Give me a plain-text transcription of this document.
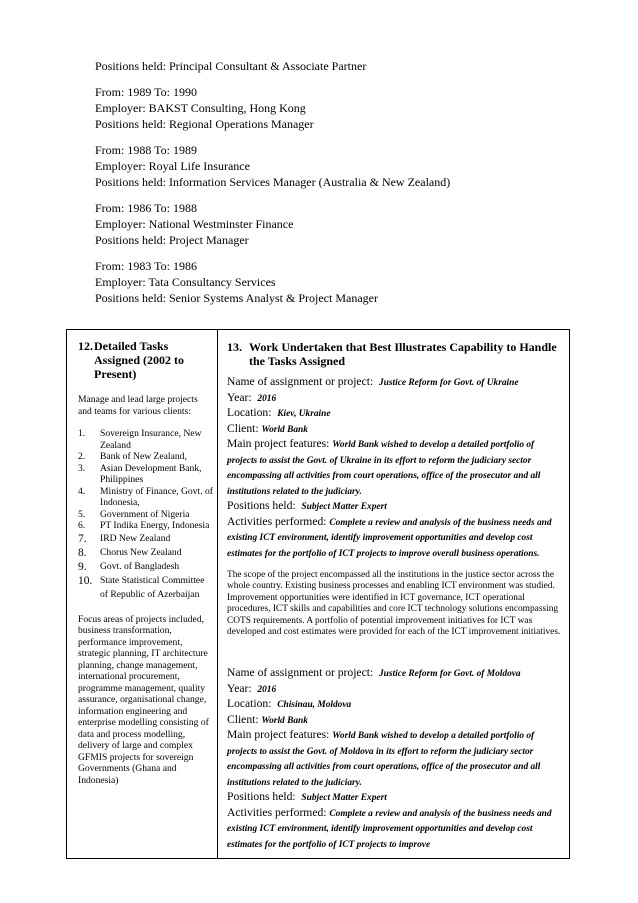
Positions held: Principal Consultant & Associate Partner
From: 1989 To: 1990
Employer: BAKST Consulting, Hong Kong
Positions held: Regional Operations Manager
From: 1988 To: 1989
Employer: Royal Life Insurance
Positions held: Information Services Manager (Australia & New Zealand)
From: 1986 To: 1988
Employer: National Westminster Finance
Positions held: Project Manager
From: 1983 To: 1986
Employer: Tata Consultancy Services
Positions held: Senior Systems Analyst & Project Manager
12. Detailed Tasks Assigned (2002 to Present)
Manage and lead large projects and teams for various clients:
1.	Sovereign Insurance, New Zealand
2.	Bank of New Zealand,
3.	Asian Development Bank, Philippines
4.	Ministry of Finance, Govt. of Indonesia,
5.	Government of Nigeria
6.	PT Indika Energy, Indonesia
7.	IRD New Zealand
8.	Chorus New Zealand
9.	Govt. of Bangladesh
10. State Statistical Committee of Republic of Azerbaijan
Focus areas of projects included, business transformation, performance improvement, strategic planning, IT architecture planning, change management, international procurement, programme management, quality assurance, organisational change, information engineering and enterprise modelling consisting of data and process modelling, delivery of large and complex GFMIS projects for sovereign Governments (Ghana and Indonesia)

13. Work Undertaken that Best Illustrates Capability to Handle the Tasks Assigned
Name of assignment or project: Justice Reform for Govt. of Ukraine
Year: 2016
Location: Kiev, Ukraine
Client: World Bank
Main project features: World Bank wished to develop a detailed portfolio of projects to assist the Govt. of Ukraine in its effort to reform the judiciary sector encompassing all activities from court operations, office of the prosecutor and all institutions related to the judiciary.
Positions held: Subject Matter Expert
Activities performed: Complete a review and analysis of the business needs and existing ICT environment, identify improvement opportunities and develop cost estimates for the portfolio of ICT projects to improve overall business operations.
The scope of the project encompassed all the institutions in the justice sector across the whole country. Existing business processes and enabling ICT environment was studied. Improvement opportunities were identified in ICT governance, ICT operational procedures, ICT skills and capabilities and core ICT technology solutions encompassing COTS requirements. A portfolio of potential improvement initiatives for ICT was developed and cost estimates were provided for each of the ICT improvement initiatives.
Name of assignment or project: Justice Reform for Govt. of Moldova
Year: 2016
Location: Chisinau, Moldova
Client: World Bank
Main project features: World Bank wished to develop a detailed portfolio of projects to assist the Govt. of Moldova in its effort to reform the judiciary sector encompassing all activities from court operations, office of the prosecutor and all institutions related to the judiciary.
Positions held: Subject Matter Expert
Activities performed: Complete a review and analysis of the business needs and existing ICT environment, identify improvement opportunities and develop cost estimates for the portfolio of ICT projects to improve
